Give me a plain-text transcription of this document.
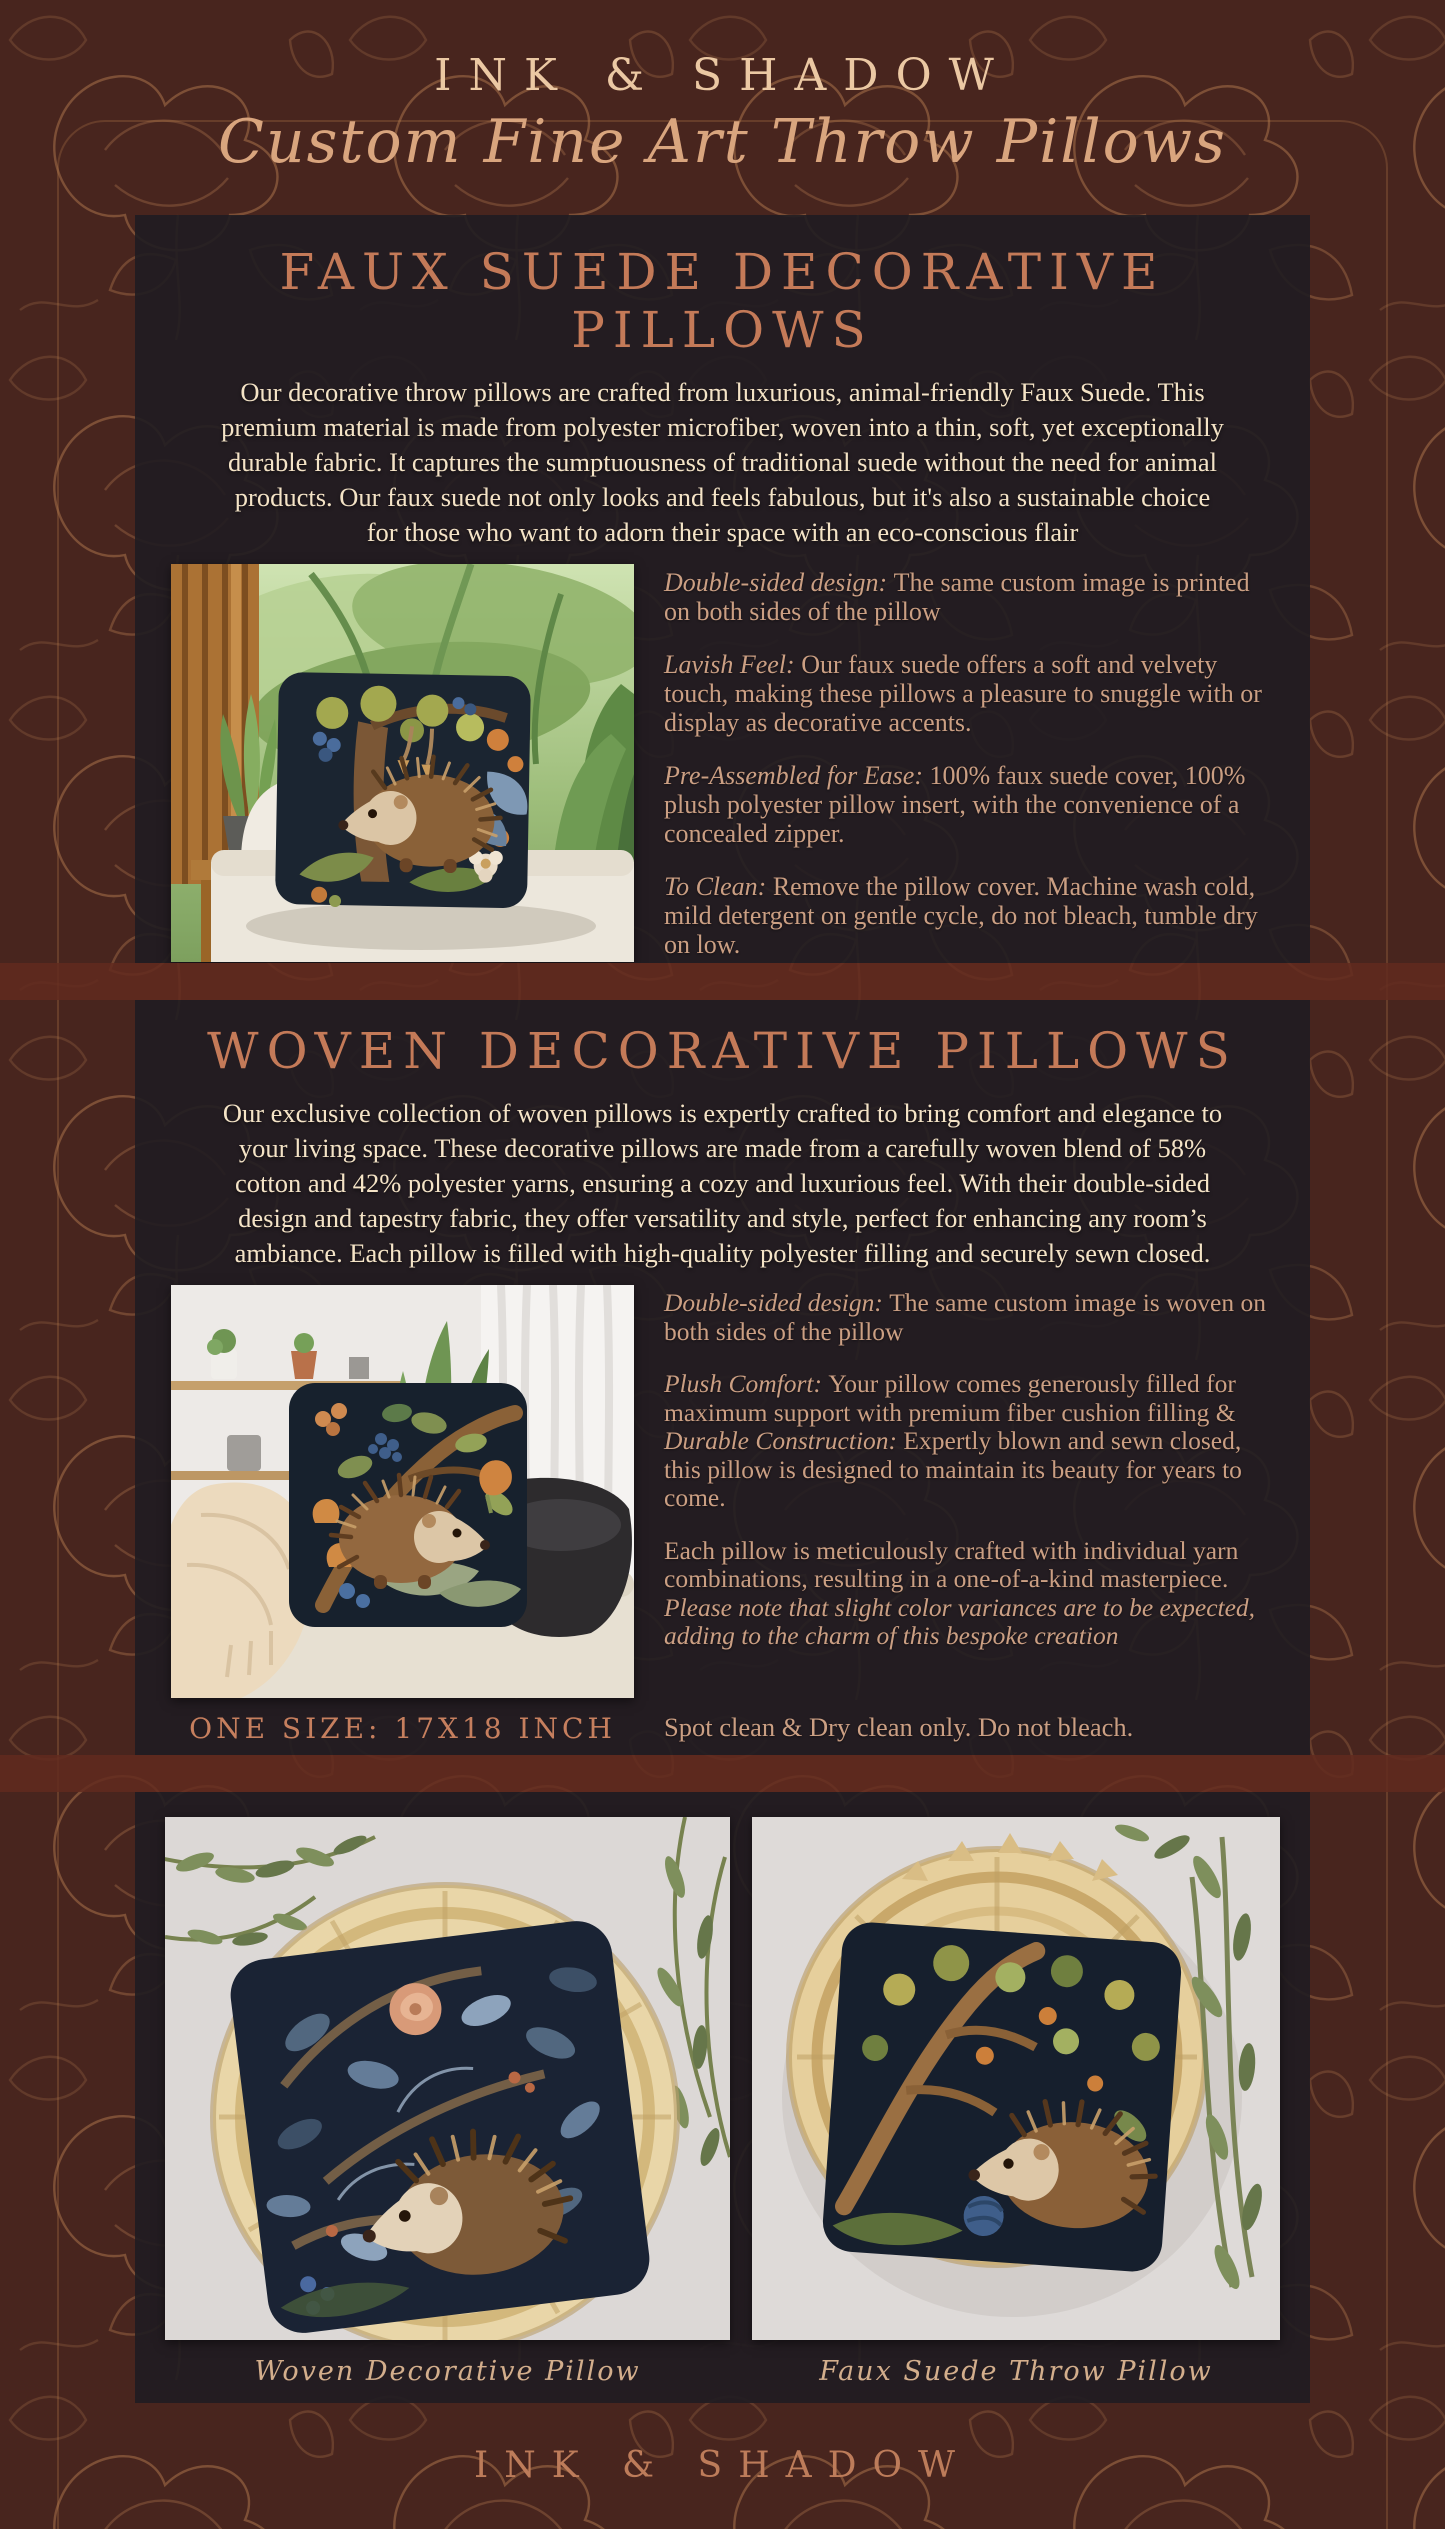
INK & SHADOW
Custom Fine Art Throw Pillows
FAUX SUEDE DECORATIVE PILLOWS

Our decorative throw pillows are crafted from luxurious, animal-friendly Faux Suede. This premium material is made from polyester microfiber, woven into a thin, soft, yet exceptionally durable fabric. It captures the sumptuousness of traditional suede without the need for animal products. Our faux suede not only looks and feels fabulous, but it's also a sustainable choice for those who want to adorn their space with an eco-conscious flair

Double-sided design: The same custom image is printed on both sides of the pillow

Lavish Feel: Our faux suede offers a soft and velvety touch, making these pillows a pleasure to snuggle with or display as decorative accents.

Pre-Assembled for Ease: 100% faux suede cover, 100% plush polyester pillow insert, with the convenience of a concealed zipper.

To Clean: Remove the pillow cover. Machine wash cold, mild detergent on gentle cycle, do not bleach, tumble dry on low.

WOVEN DECORATIVE PILLOWS

Our exclusive collection of woven pillows is expertly crafted to bring comfort and elegance to your living space. These decorative pillows are made from a carefully woven blend of 58% cotton and 42% polyester yarns, ensuring a cozy and luxurious feel. With their double-sided design and tapestry fabric, they offer versatility and style, perfect for enhancing any room’s ambiance. Each pillow is filled with high-quality polyester filling and securely sewn closed.

Double-sided design: The same custom image is woven on both sides of the pillow

Plush Comfort: Your pillow comes generously filled for maximum support with premium fiber cushion filling & Durable Construction: Expertly blown and sewn closed, this pillow is designed to maintain its beauty for years to come.

Each pillow is meticulously crafted with individual yarn combinations, resulting in a one-of-a-kind masterpiece. Please note that slight color variances are to be expected, adding to the charm of this bespoke creation

ONE SIZE: 17X18 INCH	Spot clean & Dry clean only. Do not bleach.
Woven Decorative Pillow	Faux Suede Throw Pillow
INK & SHADOW
